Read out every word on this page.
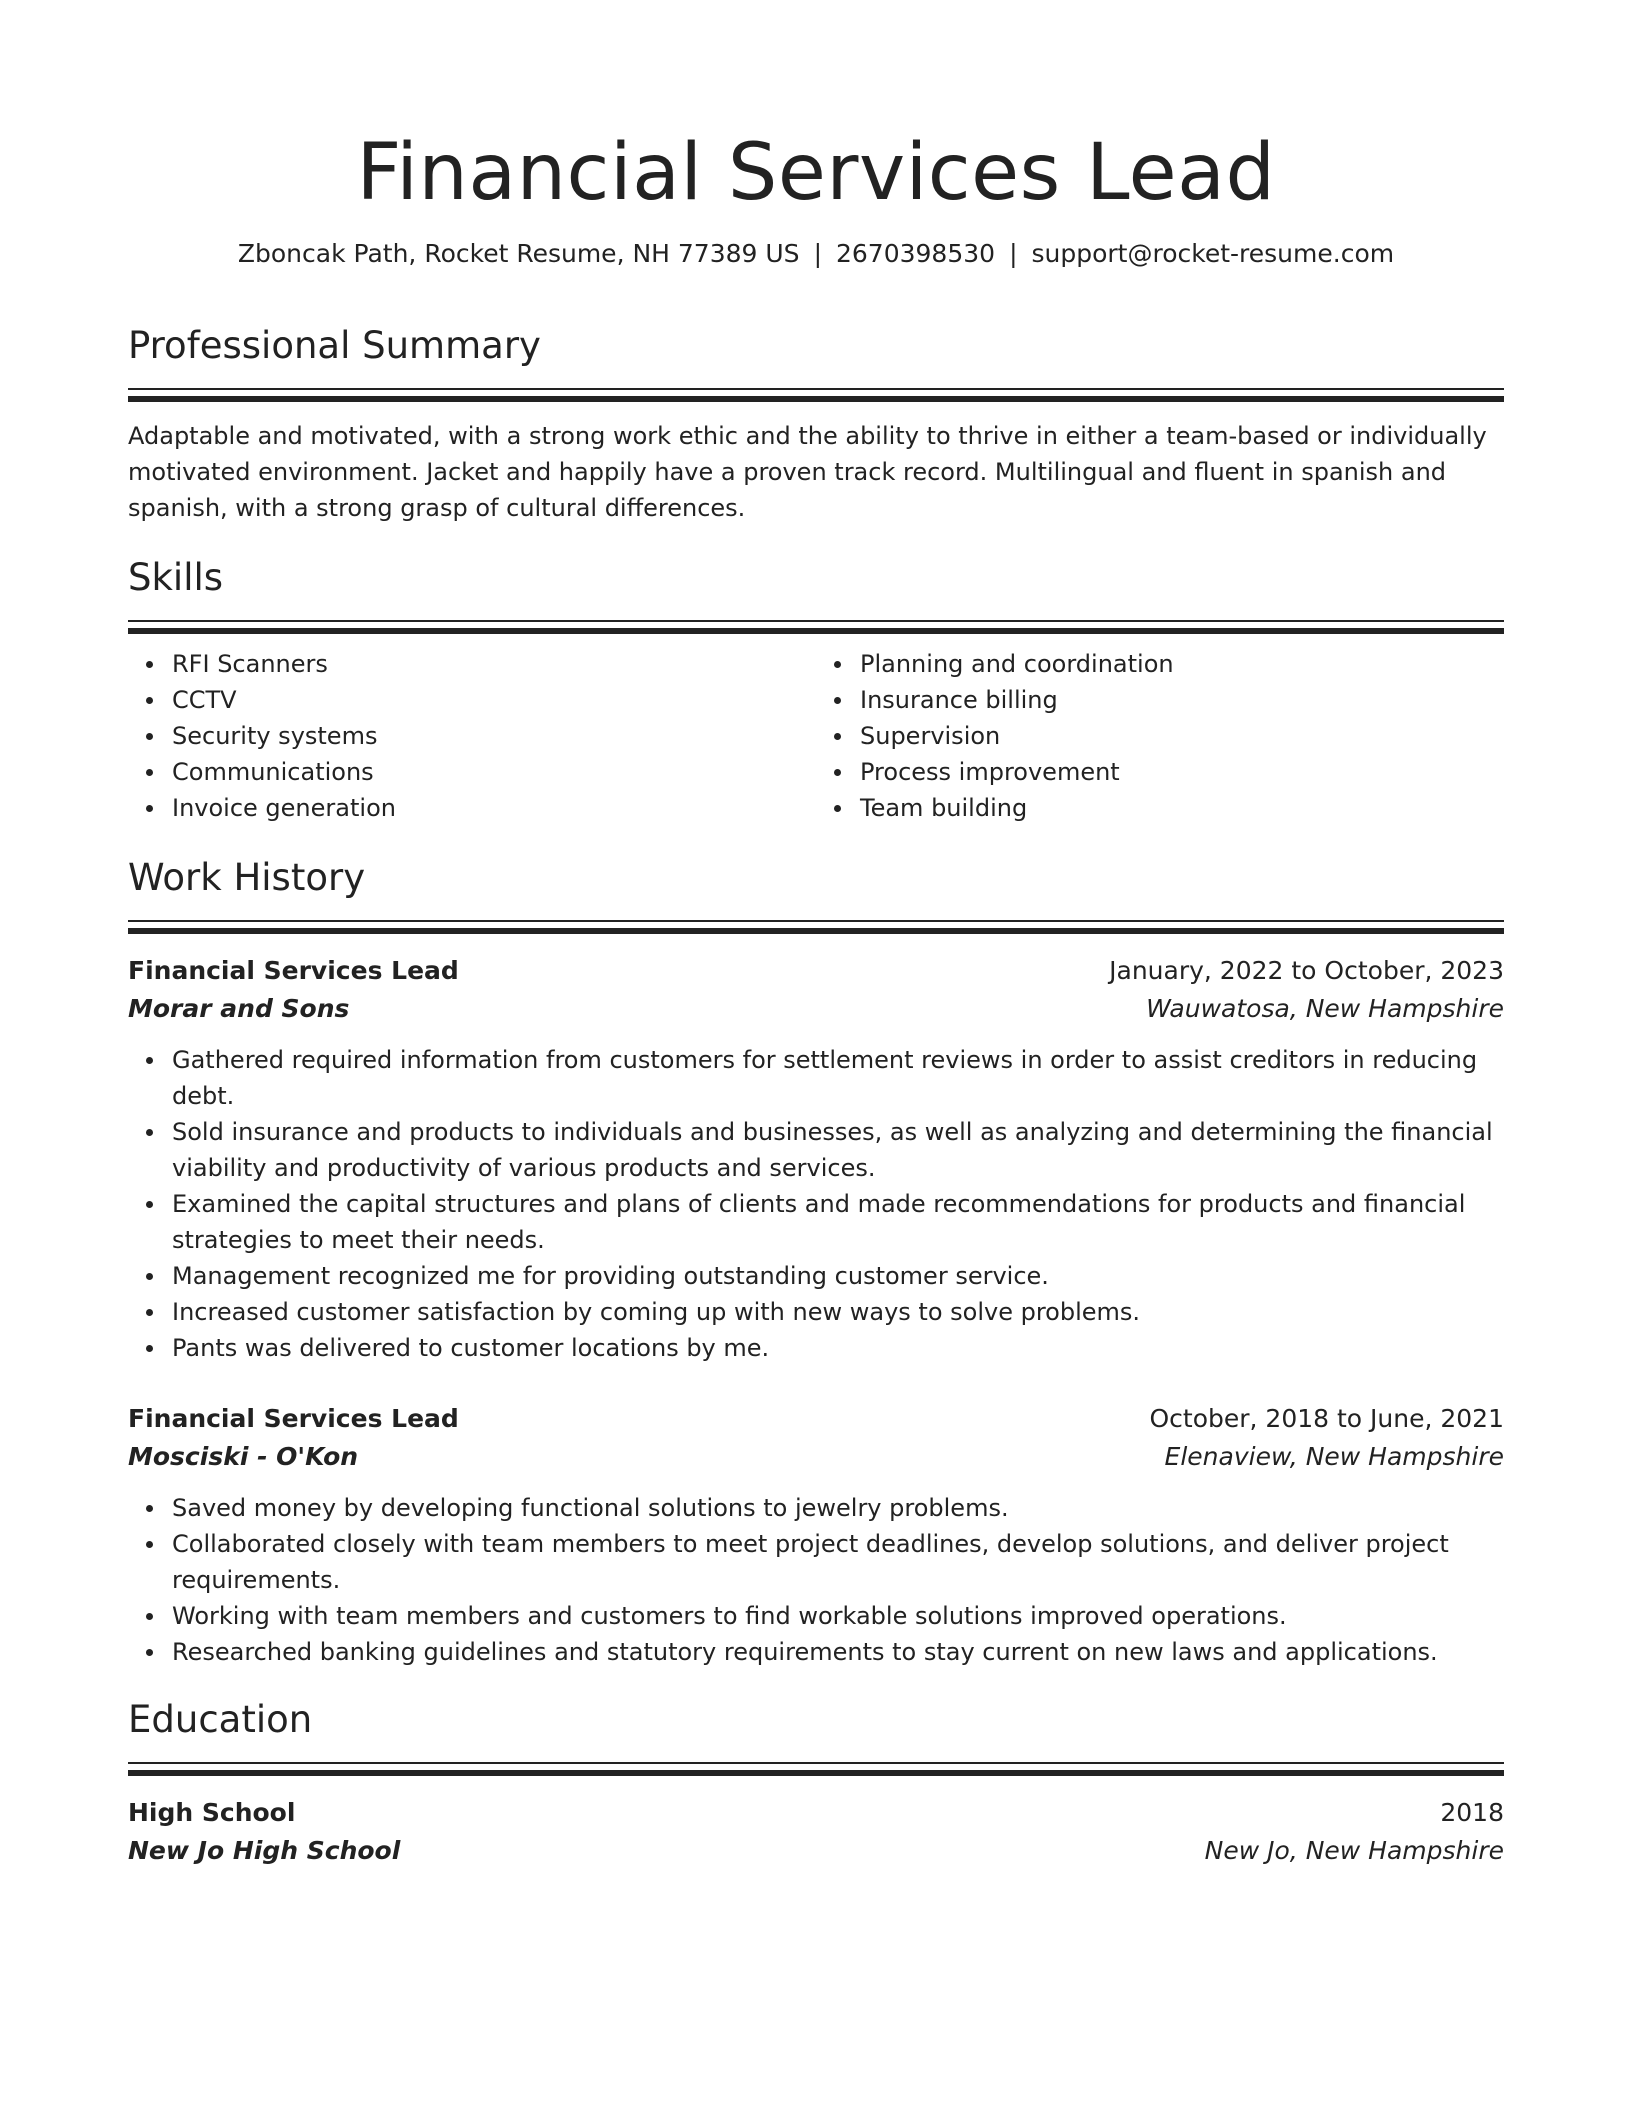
Financial Services Lead
Zboncak Path, Rocket Resume, NH 77389 US | 2670398530 | support@rocket-resume.com
Professional Summary
Adaptable and motivated, with a strong work ethic and the ability to thrive in either a team-based or individually motivated environment. Jacket and happily have a proven track record. Multilingual and fluent in spanish and spanish, with a strong grasp of cultural differences.
Skills
RFI Scanners
CCTV
Security systems
Communications
Invoice generation
Planning and coordination
Insurance billing
Supervision
Process improvement
Team building
Work History
Financial Services Lead	January, 2022 to October, 2023
Morar and Sons	Wauwatosa, New Hampshire
Gathered required information from customers for settlement reviews in order to assist creditors in reducing debt.
Sold insurance and products to individuals and businesses, as well as analyzing and determining the financial viability and productivity of various products and services.
Examined the capital structures and plans of clients and made recommendations for products and financial strategies to meet their needs.
Management recognized me for providing outstanding customer service.
Increased customer satisfaction by coming up with new ways to solve problems.
Pants was delivered to customer locations by me.
Financial Services Lead	October, 2018 to June, 2021
Mosciski - O'Kon	Elenaview, New Hampshire
Saved money by developing functional solutions to jewelry problems.
Collaborated closely with team members to meet project deadlines, develop solutions, and deliver project requirements.
Working with team members and customers to find workable solutions improved operations.
Researched banking guidelines and statutory requirements to stay current on new laws and applications.
Education
High School	2018
New Jo High School	New Jo, New Hampshire
